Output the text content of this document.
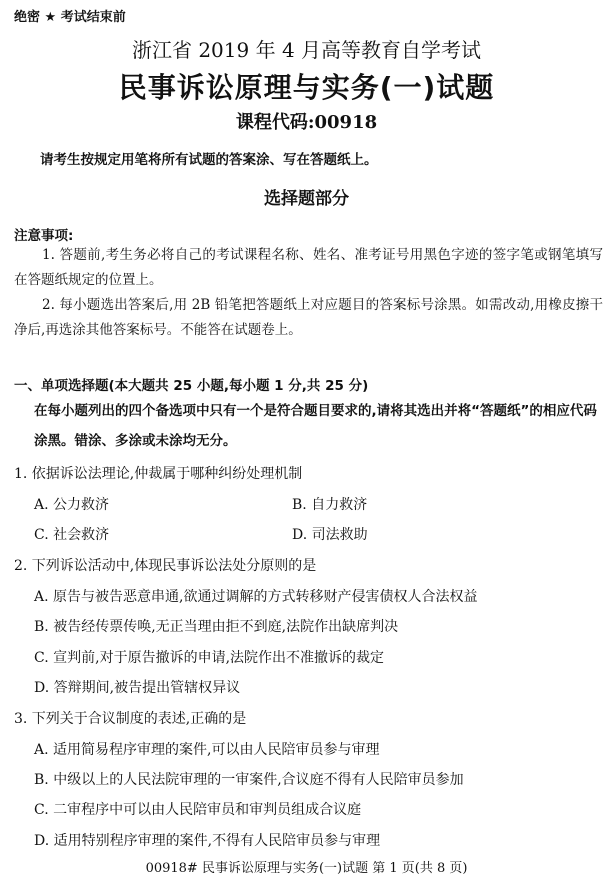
绝密 ★ 考试结束前
浙江省 2019 年 4 月高等教育自学考试
民事诉讼原理与实务(一)试题
课程代码:00918
请考生按规定用笔将所有试题的答案涂、写在答题纸上。
选择题部分
注意事项:
1. 答题前,考生务必将自己的考试课程名称、姓名、准考证号用黑色字迹的签字笔或钢笔填写在答题纸规定的位置上。
2. 每小题选出答案后,用 2B 铅笔把答题纸上对应题目的答案标号涂黑。如需改动,用橡皮擦干净后,再选涂其他答案标号。不能答在试题卷上。
一、单项选择题(本大题共 25 小题,每小题 1 分,共 25 分)
在每小题列出的四个备选项中只有一个是符合题目要求的,请将其选出并将“答题纸”的相应代码涂黑。错涂、多涂或未涂均无分。
1. 依据诉讼法理论,仲裁属于哪种纠纷处理机制
A. 公力救济	B. 自力救济
C. 社会救济	D. 司法救助
2. 下列诉讼活动中,体现民事诉讼法处分原则的是
A. 原告与被告恶意串通,欲通过调解的方式转移财产侵害债权人合法权益
B. 被告经传票传唤,无正当理由拒不到庭,法院作出缺席判决
C. 宣判前,对于原告撤诉的申请,法院作出不准撤诉的裁定
D. 答辩期间,被告提出管辖权异议
3. 下列关于合议制度的表述,正确的是
A. 适用简易程序审理的案件,可以由人民陪审员参与审理
B. 中级以上的人民法院审理的一审案件,合议庭不得有人民陪审员参加
C. 二审程序中可以由人民陪审员和审判员组成合议庭
D. 适用特别程序审理的案件,不得有人民陪审员参与审理
00918# 民事诉讼原理与实务(一)试题 第 1 页(共 8 页)
